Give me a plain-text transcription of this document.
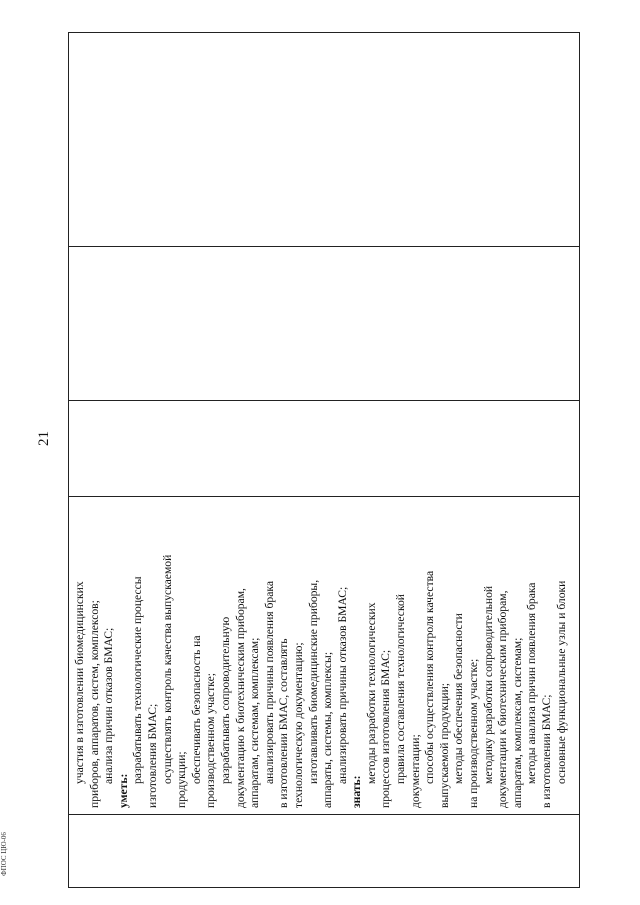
участия в изготовлении биомедицинских приборов, аппаратов, систем, комплексов; анализа причин отказов БМАС;
уметь:
разрабатывать технологические процессы изготовления БМАС; осуществлять контроль качества выпускаемой продукции; обеспечивать безопасность на производственном участке; разрабатывать сопроводительную документацию к биотехническим приборам, аппаратам, системам, комплексам; анализировать причины появления брака в изготовлении БМАС, составлять технологическую документацию; изготавливать биомедицинские приборы, аппараты, системы, комплексы; анализировать причины отказов БМАС;
знать:
методы разработки технологических процессов изготовления БМАС; правила составления технологической документации; способы осуществления контроля качества выпускаемой продукции; методы обеспечения безопасности на производственном участке; методику разработки сопроводительной документации к биотехническим приборам, аппаратам, комплексам, системам; методы анализа причин появления брака в изготовлении БМАС; основные функциональные узлы и блоки

21
ФПОС ЦЮ-06
